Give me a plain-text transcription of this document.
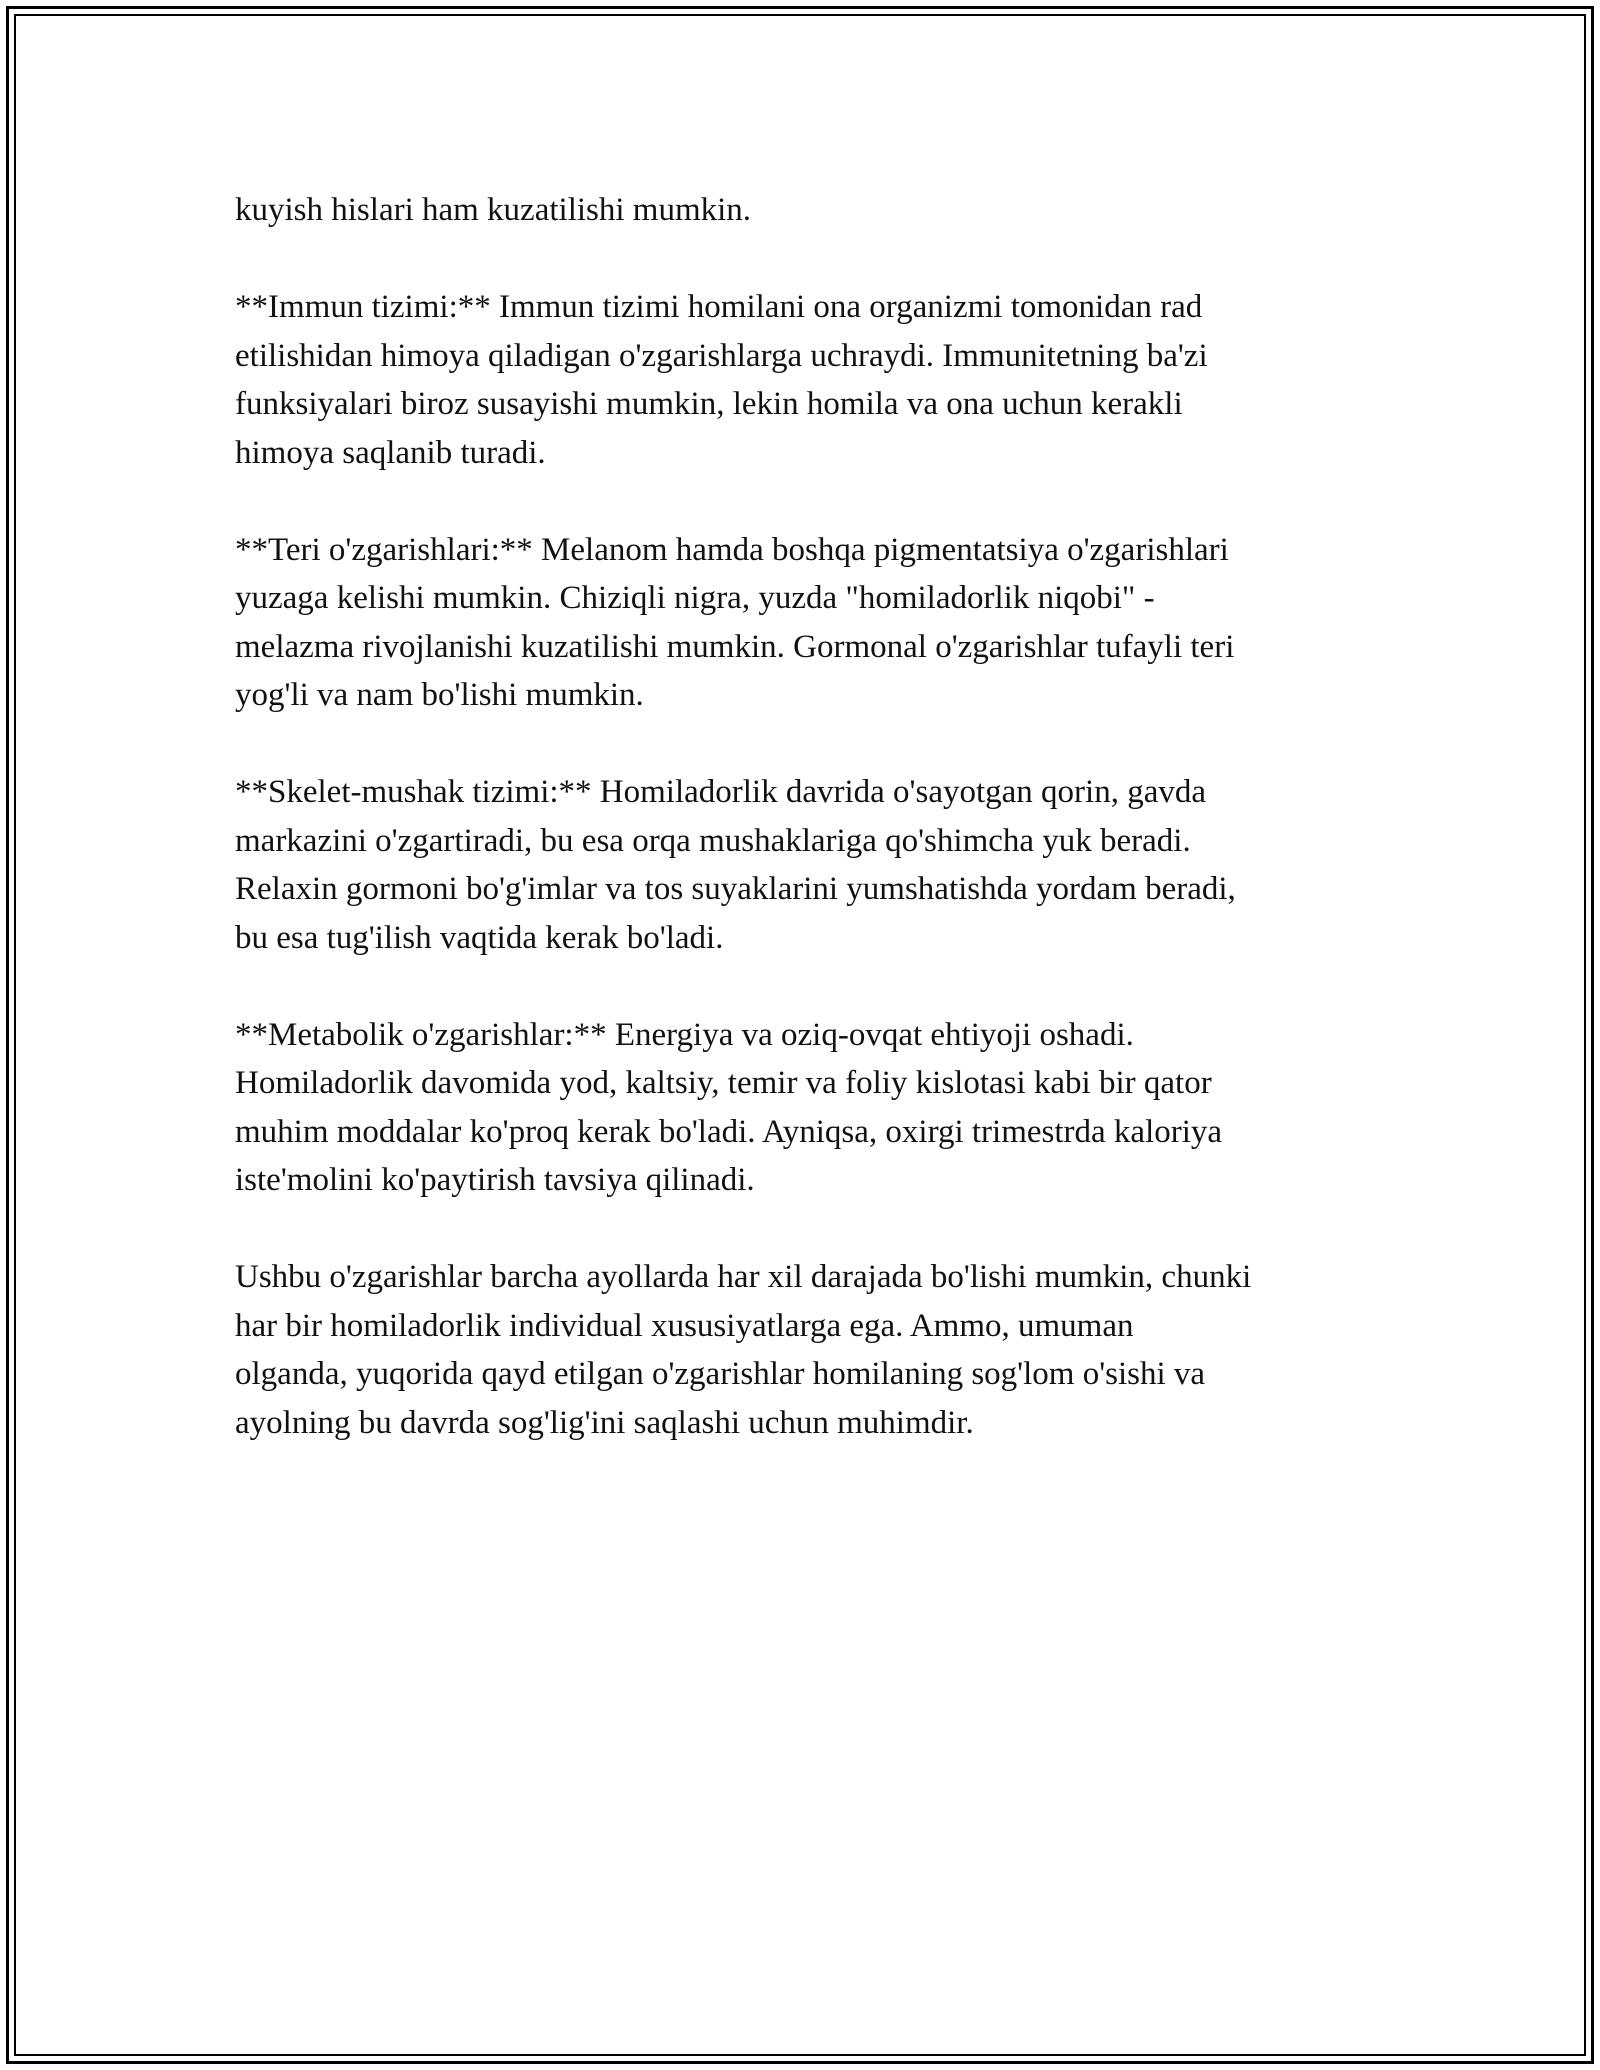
kuyish hislari ham kuzatilishi mumkin.

**Immun tizimi:** Immun tizimi homilani ona organizmi tomonidan rad
etilishidan himoya qiladigan o'zgarishlarga uchraydi. Immunitetning ba'zi
funksiyalari biroz susayishi mumkin, lekin homila va ona uchun kerakli
himoya saqlanib turadi.

**Teri o'zgarishlari:** Melanom hamda boshqa pigmentatsiya o'zgarishlari
yuzaga kelishi mumkin. Chiziqli nigra, yuzda "homiladorlik niqobi" -
melazma rivojlanishi kuzatilishi mumkin. Gormonal o'zgarishlar tufayli teri
yog'li va nam bo'lishi mumkin.

**Skelet-mushak tizimi:** Homiladorlik davrida o'sayotgan qorin, gavda
markazini o'zgartiradi, bu esa orqa mushaklariga qo'shimcha yuk beradi.
Relaxin gormoni bo'g'imlar va tos suyaklarini yumshatishda yordam beradi,
bu esa tug'ilish vaqtida kerak bo'ladi.

**Metabolik o'zgarishlar:** Energiya va oziq-ovqat ehtiyoji oshadi.
Homiladorlik davomida yod, kaltsiy, temir va foliy kislotasi kabi bir qator
muhim moddalar ko'proq kerak bo'ladi. Ayniqsa, oxirgi trimestrda kaloriya
iste'molini ko'paytirish tavsiya qilinadi.

Ushbu o'zgarishlar barcha ayollarda har xil darajada bo'lishi mumkin, chunki
har bir homiladorlik individual xususiyatlarga ega. Ammo, umuman
olganda, yuqorida qayd etilgan o'zgarishlar homilaning sog'lom o'sishi va
ayolning bu davrda sog'lig'ini saqlashi uchun muhimdir.
